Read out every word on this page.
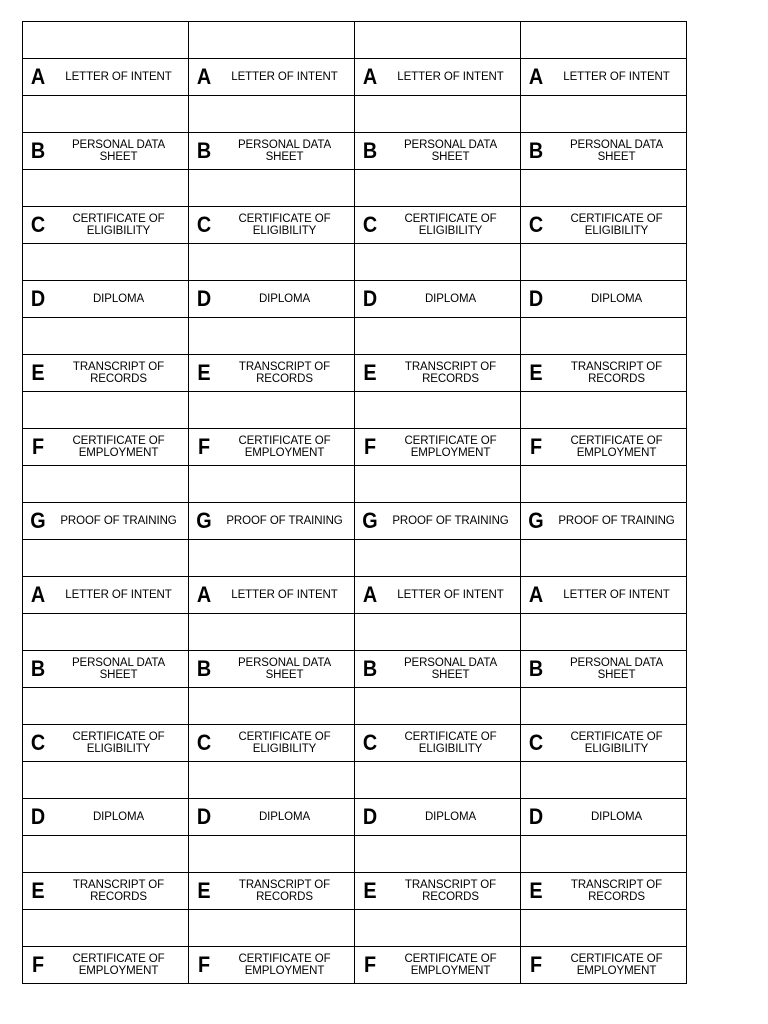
A LETTER OF INTENT	A LETTER OF INTENT	A LETTER OF INTENT	A LETTER OF INTENT

B PERSONAL DATA SHEET	B PERSONAL DATA SHEET	B PERSONAL DATA SHEET	B PERSONAL DATA SHEET

C CERTIFICATE OF ELIGIBILITY	C CERTIFICATE OF ELIGIBILITY	C CERTIFICATE OF ELIGIBILITY	C CERTIFICATE OF ELIGIBILITY

D DIPLOMA	D DIPLOMA	D DIPLOMA	D DIPLOMA

E TRANSCRIPT OF RECORDS	E TRANSCRIPT OF RECORDS	E TRANSCRIPT OF RECORDS	E TRANSCRIPT OF RECORDS

F CERTIFICATE OF EMPLOYMENT	F CERTIFICATE OF EMPLOYMENT	F CERTIFICATE OF EMPLOYMENT	F CERTIFICATE OF EMPLOYMENT

G PROOF OF TRAINING	G PROOF OF TRAINING	G PROOF OF TRAINING	G PROOF OF TRAINING

A LETTER OF INTENT	A LETTER OF INTENT	A LETTER OF INTENT	A LETTER OF INTENT

B PERSONAL DATA SHEET	B PERSONAL DATA SHEET	B PERSONAL DATA SHEET	B PERSONAL DATA SHEET

C CERTIFICATE OF ELIGIBILITY	C CERTIFICATE OF ELIGIBILITY	C CERTIFICATE OF ELIGIBILITY	C CERTIFICATE OF ELIGIBILITY

D DIPLOMA	D DIPLOMA	D DIPLOMA	D DIPLOMA

E TRANSCRIPT OF RECORDS	E TRANSCRIPT OF RECORDS	E TRANSCRIPT OF RECORDS	E TRANSCRIPT OF RECORDS

F CERTIFICATE OF EMPLOYMENT	F CERTIFICATE OF EMPLOYMENT	F CERTIFICATE OF EMPLOYMENT	F CERTIFICATE OF EMPLOYMENT
